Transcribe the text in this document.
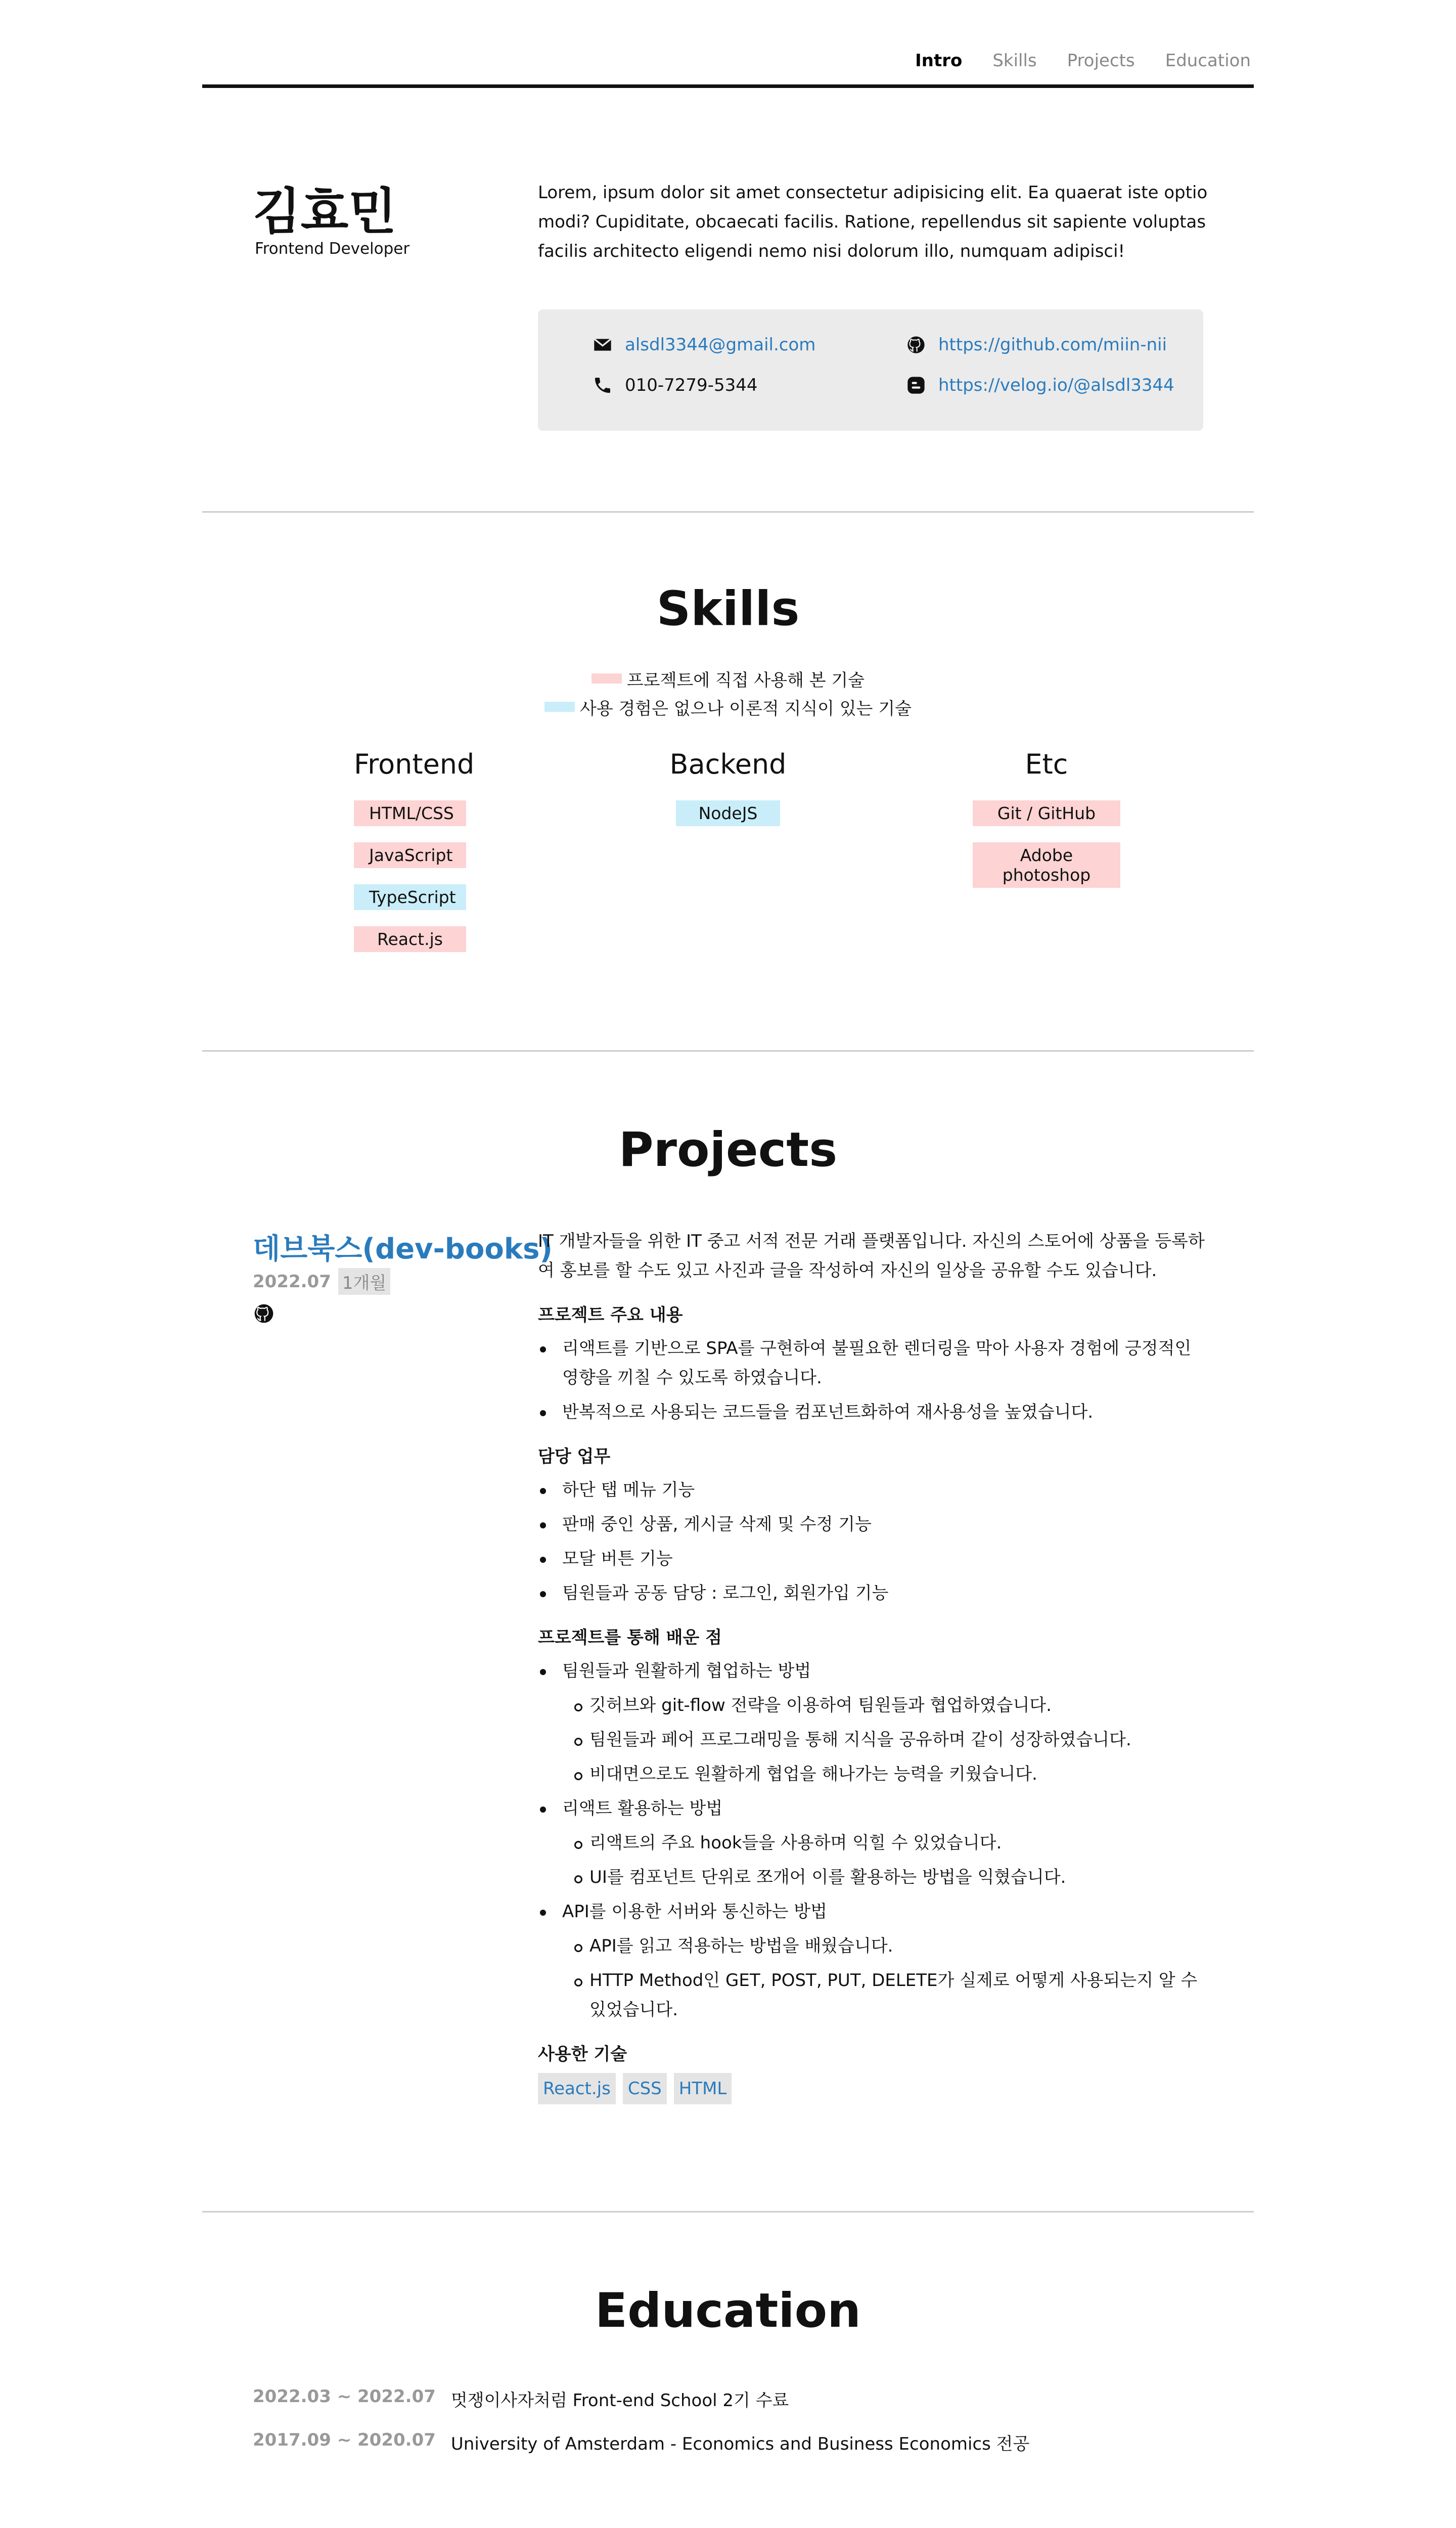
Intro Skills Projects Education
김효민

Frontend Developer

Lorem, ipsum dolor sit amet consectetur adipisicing elit. Ea quaerat iste optio modi? Cupiditate, obcaecati facilis. Ratione, repellendus sit sapiente voluptas facilis architecto eligendi nemo nisi dolorum illo, numquam adipisci!

alsdl3344@gmail.com
010-7279-5344
https://github.com/miin-nii
https://velog.io/@alsdl3344
Skills
프로젝트에 직접 사용해 본 기술
사용 경험은 없으나 이론적 지식이 있는 기술
Frontend
HTML/CSS
JavaScript
TypeScript
React.js
Backend
NodeJS
Etc
Git / GitHub
Adobe photoshop
Projects
데브북스(dev-books)
2022.07 1개월

IT 개발자들을 위한 IT 중고 서적 전문 거래 플랫폼입니다. 자신의 스토어에 상품을 등록하여 홍보를 할 수도 있고 사진과 글을 작성하여 자신의 일상을 공유할 수도 있습니다.

프로젝트 주요 내용
리액트를 기반으로 SPA를 구현하여 불필요한 렌더링을 막아 사용자 경험에 긍정적인 영향을 끼칠 수 있도록 하였습니다.
반복적으로 사용되는 코드들을 컴포넌트화하여 재사용성을 높였습니다.
담당 업무
하단 탭 메뉴 기능
판매 중인 상품, 게시글 삭제 및 수정 기능
모달 버튼 기능
팀원들과 공동 담당 : 로그인, 회원가입 기능
프로젝트를 통해 배운 점
팀원들과 원활하게 협업하는 방법
깃허브와 git-flow 전략을 이용하여 팀원들과 협업하였습니다.
팀원들과 페어 프로그래밍을 통해 지식을 공유하며 같이 성장하였습니다.
비대면으로도 원활하게 협업을 해나가는 능력을 키웠습니다.
리액트 활용하는 방법
리액트의 주요 hook들을 사용하며 익힐 수 있었습니다.
UI를 컴포넌트 단위로 쪼개어 이를 활용하는 방법을 익혔습니다.
API를 이용한 서버와 통신하는 방법
API를 읽고 적용하는 방법을 배웠습니다.
HTTP Method인 GET, POST, PUT, DELETE가 실제로 어떻게 사용되는지 알 수 있었습니다.
사용한 기술
React.js CSS HTML
Education
2022.03 ~ 2022.07 멋쟁이사자처럼 Front-end School 2기 수료
2017.09 ~ 2020.07 University of Amsterdam - Economics and Business Economics 전공
